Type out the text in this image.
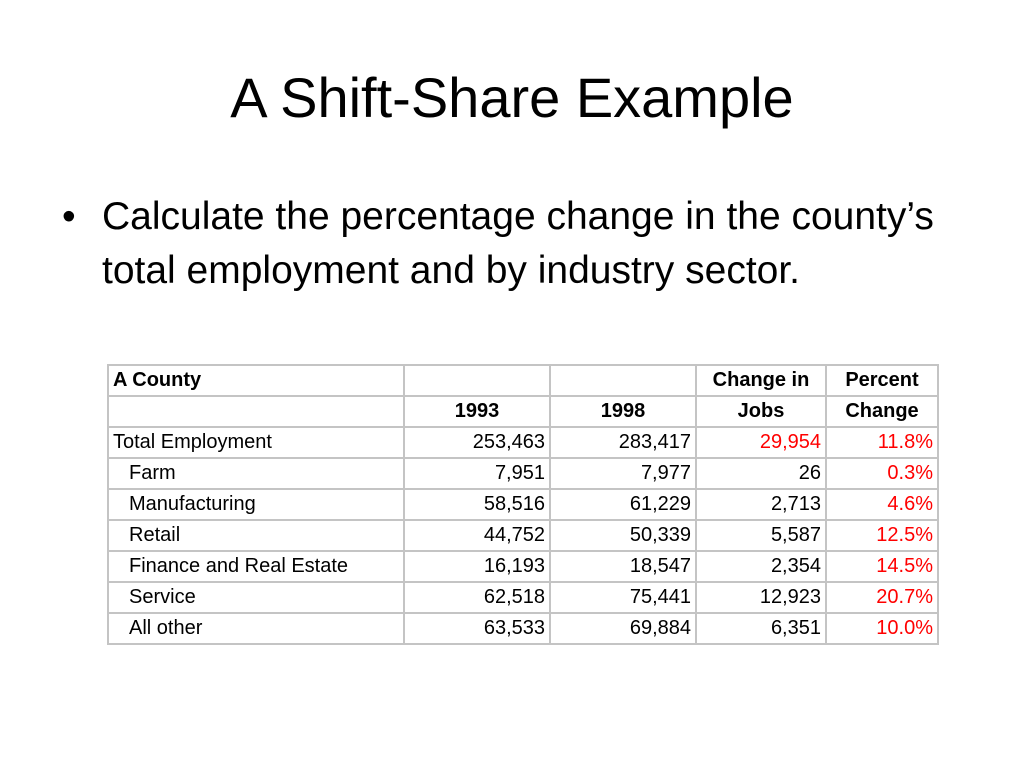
A Shift-Share Example
• Calculate the percentage change in the county’s total employment and by industry sector.
A County			Change in	Percent
	1993	1998	Jobs	Change
Total Employment	253,463	283,417	29,954	11.8%
Farm	7,951	7,977	26	0.3%
Manufacturing	58,516	61,229	2,713	4.6%
Retail	44,752	50,339	5,587	12.5%
Finance and Real Estate	16,193	18,547	2,354	14.5%
Service	62,518	75,441	12,923	20.7%
All other	63,533	69,884	6,351	10.0%
